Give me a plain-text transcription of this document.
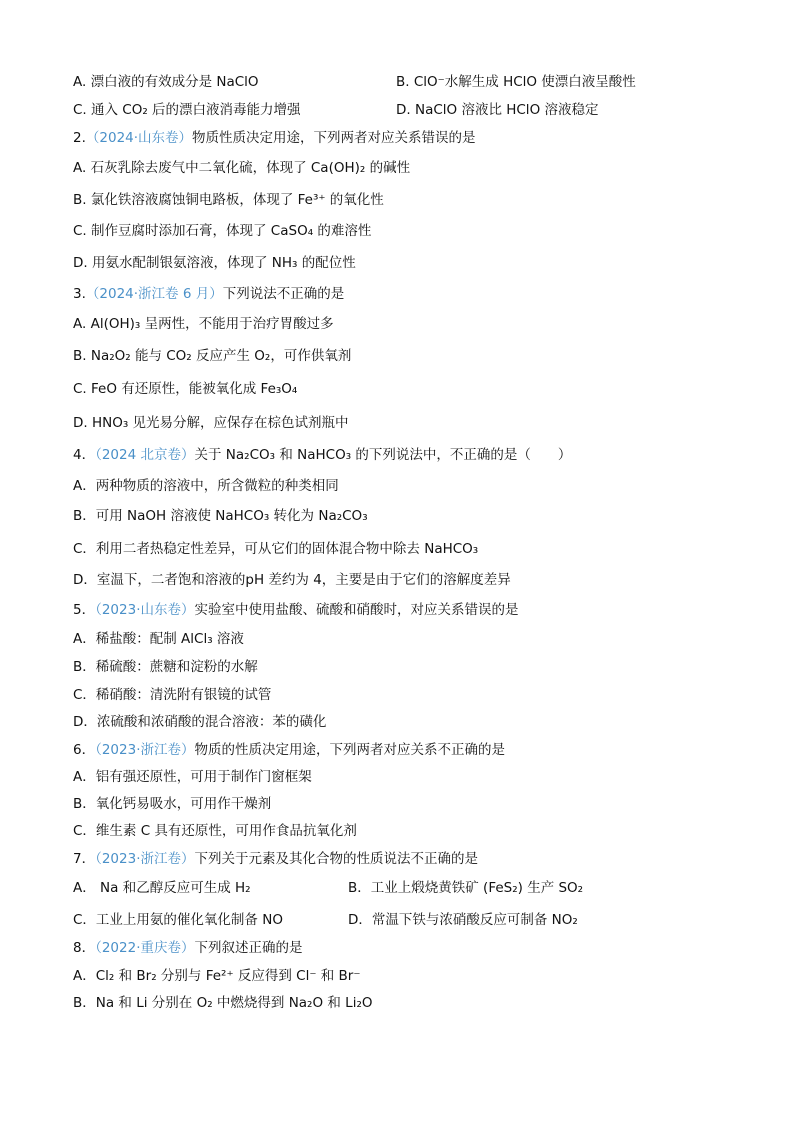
A. 漂白液的有效成分是 NaClO	B. ClO⁻水解生成 HClO 使漂白液呈酸性
C. 通入 CO₂ 后的漂白液消毒能力增强	D. NaClO 溶液比 HClO 溶液稳定
2.（2024·山东卷）物质性质决定用途，下列两者对应关系错误的是
A. 石灰乳除去废气中二氧化硫，体现了 Ca(OH)₂ 的碱性
B. 氯化铁溶液腐蚀铜电路板，体现了 Fe³⁺ 的氧化性
C. 制作豆腐时添加石膏，体现了 CaSO₄ 的难溶性
D. 用氨水配制银氨溶液，体现了 NH₃ 的配位性
3.（2024·浙江卷 6 月）下列说法不正确的是
A. Al(OH)₃ 呈两性，不能用于治疗胃酸过多
B. Na₂O₂ 能与 CO₂ 反应产生 O₂，可作供氧剂
C. FeO 有还原性，能被氧化成 Fe₃O₄
D. HNO₃ 见光易分解，应保存在棕色试剂瓶中
4．（2024 北京卷）关于 Na₂CO₃ 和 NaHCO₃ 的下列说法中，不正确的是（　　）
A．两种物质的溶液中，所含微粒的种类相同
B．可用 NaOH 溶液使 NaHCO₃ 转化为 Na₂CO₃
C．利用二者热稳定性差异，可从它们的固体混合物中除去 NaHCO₃
D．室温下，二者饱和溶液的pH 差约为 4，主要是由于它们的溶解度差异
5．（2023·山东卷）实验室中使用盐酸、硫酸和硝酸时，对应关系错误的是
A．稀盐酸：配制 AlCl₃ 溶液
B．稀硫酸：蔗糖和淀粉的水解
C．稀硝酸：清洗附有银镜的试管
D．浓硫酸和浓硝酸的混合溶液：苯的磺化
6．（2023·浙江卷）物质的性质决定用途，下列两者对应关系不正确的是
A．铝有强还原性，可用于制作门窗框架
B．氧化钙易吸水，可用作干燥剂
C．维生素 C 具有还原性，可用作食品抗氧化剂
7．（2023·浙江卷）下列关于元素及其化合物的性质说法不正确的是
A． Na 和乙醇反应可生成 H₂	B．工业上煅烧黄铁矿 (FeS₂) 生产 SO₂
C．工业上用氨的催化氧化制备 NO	D．常温下铁与浓硝酸反应可制备 NO₂
8．（2022·重庆卷）下列叙述正确的是
A．Cl₂ 和 Br₂ 分别与 Fe²⁺ 反应得到 Cl⁻ 和 Br⁻
B．Na 和 Li 分别在 O₂ 中燃烧得到 Na₂O 和 Li₂O
